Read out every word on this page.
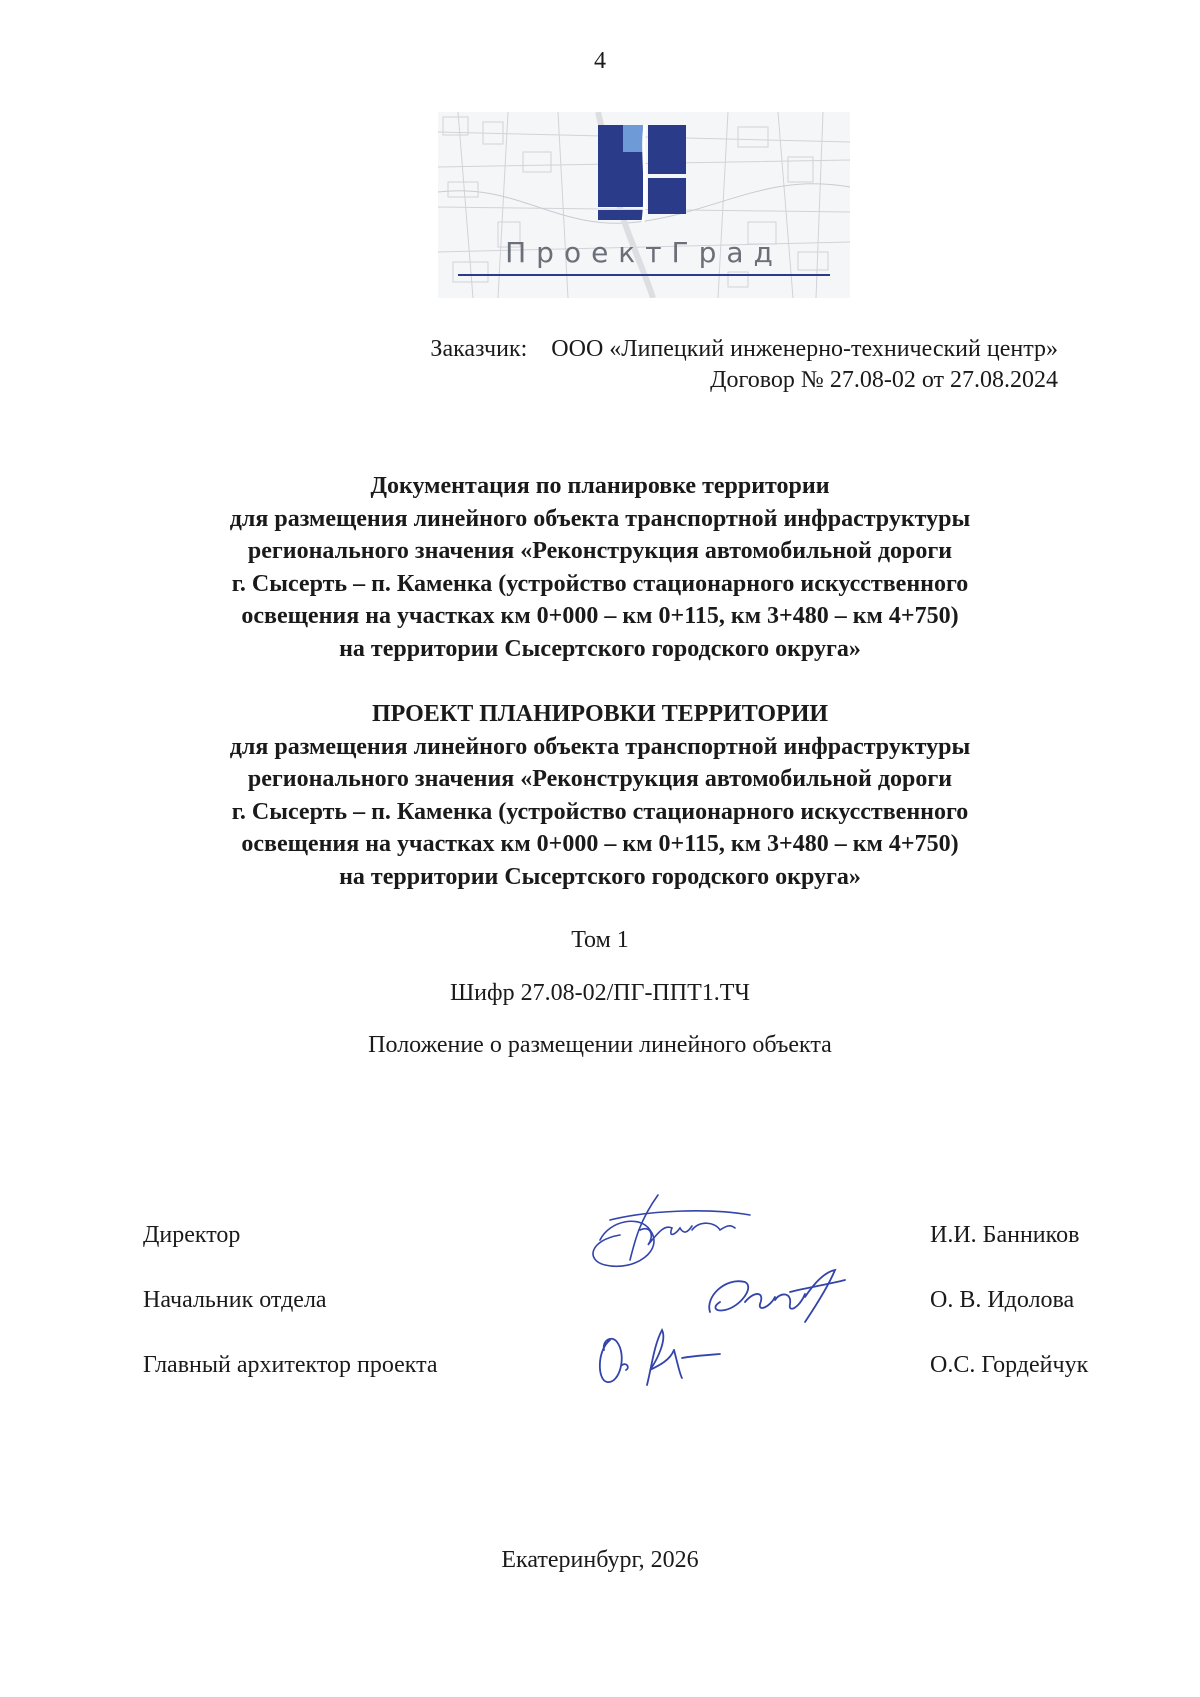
4
ПроектГрад
Заказчик: ООО «Липецкий инженерно-технический центр»
Договор № 27.08-02 от 27.08.2024
Документация по планировке территории
для размещения линейного объекта транспортной инфраструктуры
регионального значения «Реконструкция автомобильной дороги
г. Сысерть – п. Каменка (устройство стационарного искусственного
освещения на участках км 0+000 – км 0+115, км 3+480 – км 4+750)
на территории Сысертского городского округа»
ПРОЕКТ ПЛАНИРОВКИ ТЕРРИТОРИИ
для размещения линейного объекта транспортной инфраструктуры
регионального значения «Реконструкция автомобильной дороги
г. Сысерть – п. Каменка (устройство стационарного искусственного
освещения на участках км 0+000 – км 0+115, км 3+480 – км 4+750)
на территории Сысертского городского округа»
Том 1
Шифр 27.08-02/ПГ-ППТ1.ТЧ
Положение о размещении линейного объекта
Директор
Начальник отдела
Главный архитектор проекта
И.И. Банников
О. В. Идолова
О.С. Гордейчук
Екатеринбург, 2026
